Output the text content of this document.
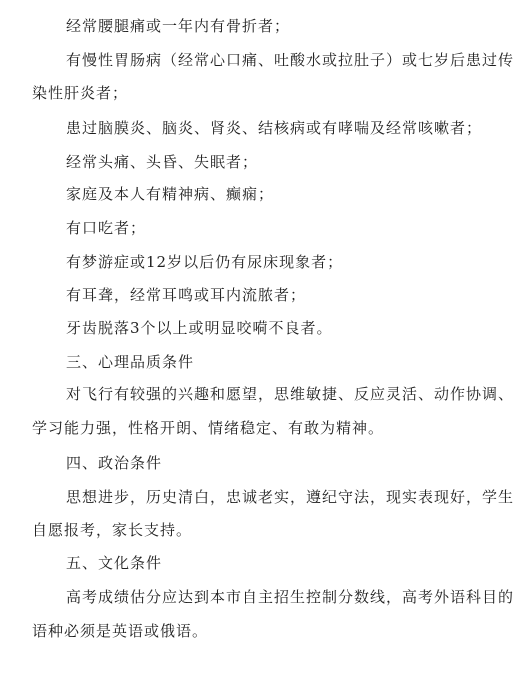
经常腰腿痛或一年内有骨折者；
有慢性胃肠病（经常心口痛、吐酸水或拉肚子）或七岁后患过传
染性肝炎者；
患过脑膜炎、脑炎、肾炎、结核病或有哮喘及经常咳嗽者；
经常头痛、头昏、失眠者；
家庭及本人有精神病、癫痫；
有口吃者；
有梦游症或12岁以后仍有尿床现象者；
有耳聋，经常耳鸣或耳内流脓者；
牙齿脱落3个以上或明显咬嗬不良者。
三、心理品质条件
对飞行有较强的兴趣和愿望，思维敏捷、反应灵活、动作协调、
学习能力强，性格开朗、情绪稳定、有敢为精神。
四、政治条件
思想进步，历史清白，忠诚老实，遵纪守法，现实表现好，学生
自愿报考，家长支持。
五、文化条件
高考成绩估分应达到本市自主招生控制分数线，高考外语科目的
语种必须是英语或俄语。
